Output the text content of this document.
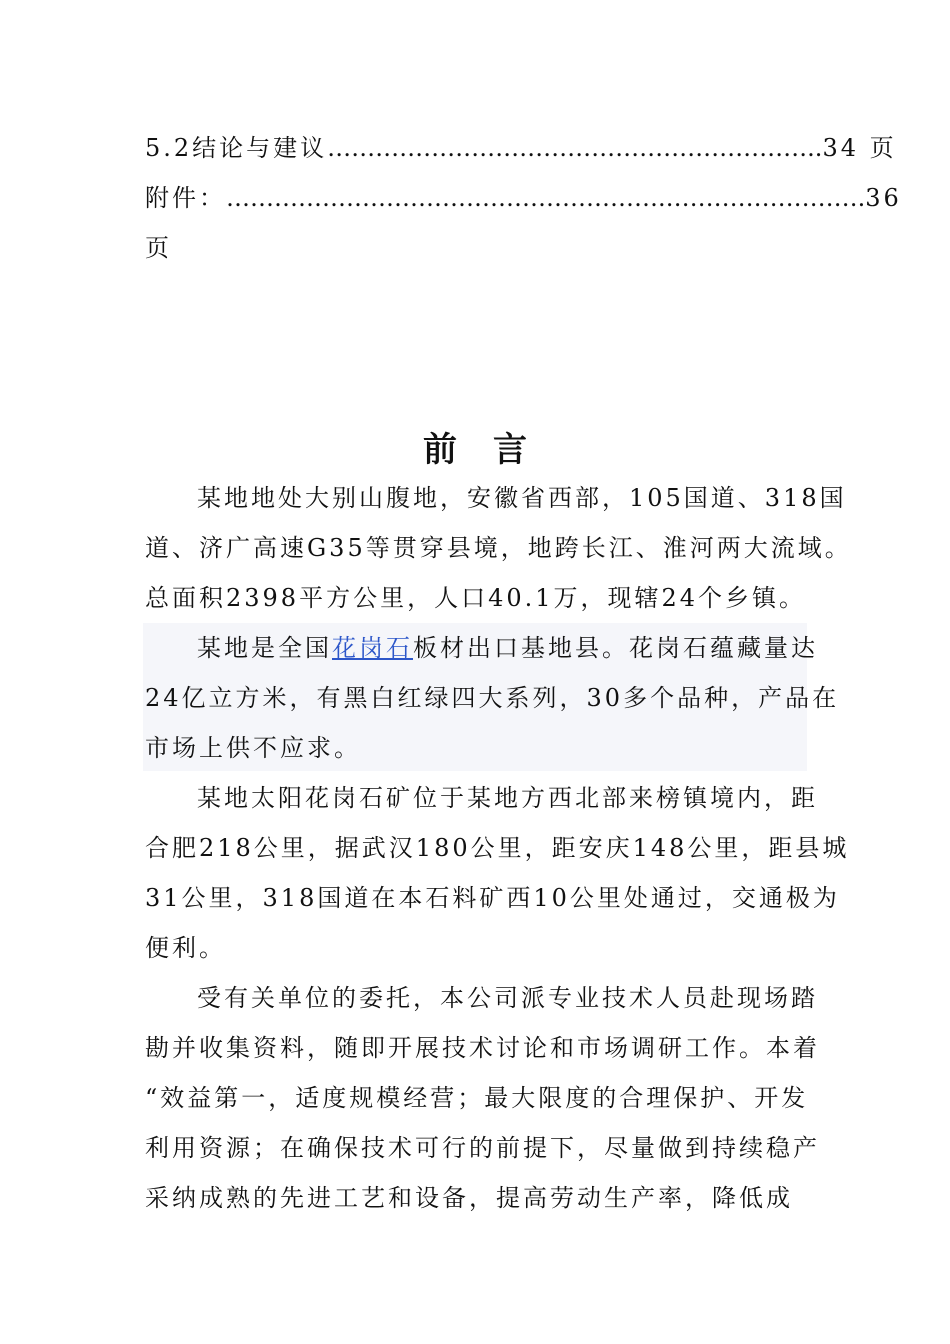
5.2结论与建议 …………………………………………………….. 34 页
附件： ……………………………………………….……………………. 36
页
前言
某地地处大别山腹地，安徽省西部，105国道、318国
道、济广高速G35等贯穿县境，地跨长江、淮河两大流域。
总面积2398平方公里，人口40.1万，现辖24个乡镇。
某地是全国花岗石板材出口基地县。花岗石蕴藏量达
24亿立方米，有黑白红绿四大系列，30多个品种，产品在
市场上供不应求。
某地太阳花岗石矿位于某地方西北部来榜镇境内，距
合肥218公里，据武汉180公里，距安庆148公里，距县城
31公里，318国道在本石料矿西10公里处通过，交通极为
便利。
受有关单位的委托，本公司派专业技术人员赴现场踏
勘并收集资料，随即开展技术讨论和市场调研工作。本着
“效益第一，适度规模经营；最大限度的合理保护、开发
利用资源；在确保技术可行的前提下，尽量做到持续稳产
采纳成熟的先进工艺和设备，提高劳动生产率，降低成
